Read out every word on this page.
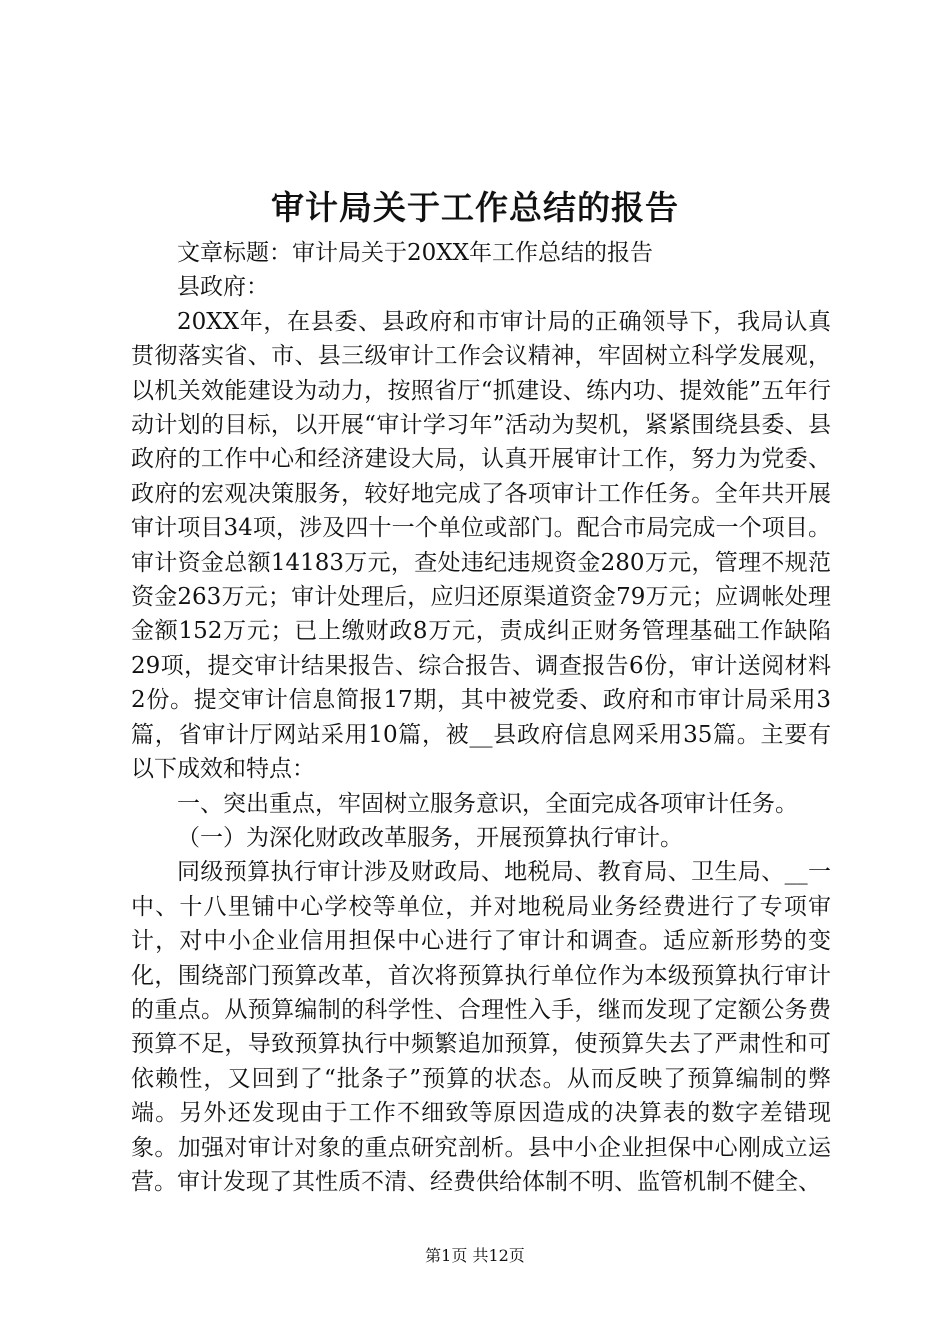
审计局关于工作总结的报告

文章标题：审计局关于20XX年工作总结的报告

县政府：

20XX年，在县委、县政府和市审计局的正确领导下，我局认真贯彻落实省、市、县三级审计工作会议精神，牢固树立科学发展观，以机关效能建设为动力，按照省厅“抓建设、练内功、提效能”五年行动计划的目标，以开展“审计学习年”活动为契机，紧紧围绕县委、县政府的工作中心和经济建设大局，认真开展审计工作，努力为党委、政府的宏观决策服务，较好地完成了各项审计工作任务。全年共开展审计项目34项，涉及四十一个单位或部门。配合市局完成一个项目。审计资金总额14183万元，查处违纪违规资金280万元，管理不规范资金263万元；审计处理后，应归还原渠道资金79万元；应调帐处理金额152万元；已上缴财政8万元，责成纠正财务管理基础工作缺陷29项，提交审计结果报告、综合报告、调查报告6份，审计送阅材料2份。提交审计信息简报17期，其中被党委、政府和市审计局采用3篇，省审计厅网站采用10篇，被__县政府信息网采用35篇。主要有以下成效和特点：

一、突出重点，牢固树立服务意识，全面完成各项审计任务。

（一）为深化财政改革服务，开展预算执行审计。

同级预算执行审计涉及财政局、地税局、教育局、卫生局、__一中、十八里铺中心学校等单位，并对地税局业务经费进行了专项审计，对中小企业信用担保中心进行了审计和调查。适应新形势的变化，围绕部门预算改革，首次将预算执行单位作为本级预算执行审计的重点。从预算编制的科学性、合理性入手，继而发现了定额公务费预算不足，导致预算执行中频繁追加预算，使预算失去了严肃性和可依赖性，又回到了“批条子”预算的状态。从而反映了预算编制的弊端。另外还发现由于工作不细致等原因造成的决算表的数字差错现象。加强对审计对象的重点研究剖析。县中小企业担保中心刚成立运营。审计发现了其性质不清、经费供给体制不明、监管机制不健全、

第1页 共12页
